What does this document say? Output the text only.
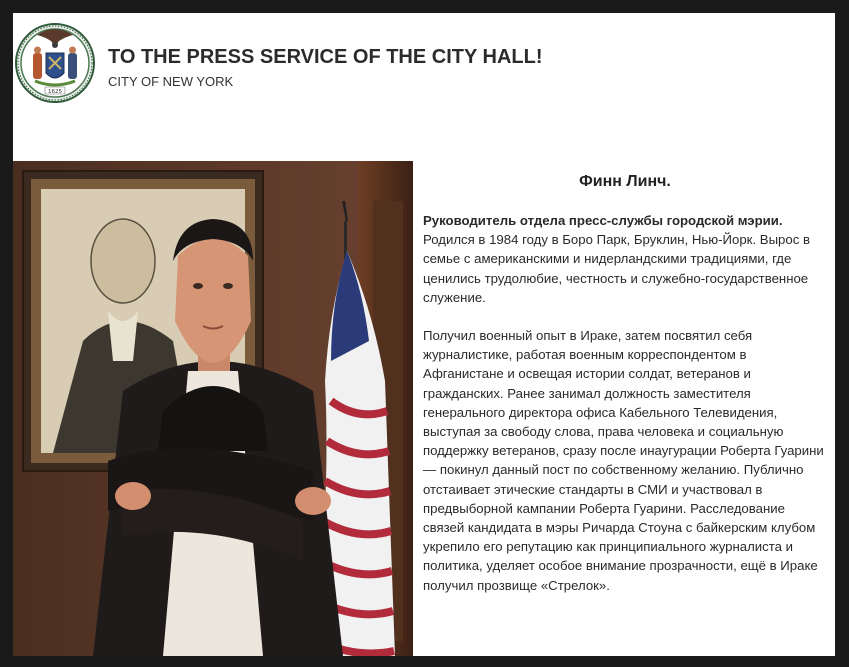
1625
TO THE PRESS SERVICE OF THE CITY HALL!
CITY OF NEW YORK
Финн Линч.

Руководитель отдела пресс-службы городской мэрии.
Родился в 1984 году в Боро Парк, Бруклин, Нью-Йорк. Вырос в семье с американскими и нидерландскими традициями, где ценились трудолюбие, честность и служебно-государственное служение.

Получил военный опыт в Ираке, затем посвятил себя журналистике, работая военным корреспондентом в Афганистане и освещая истории солдат, ветеранов и гражданских. Ранее занимал должность заместителя генерального директора офиса Кабельного Телевидения, выступая за свободу слова, права человека и социальную поддержку ветеранов, сразу после инаугурации Роберта Гуарини — покинул данный пост по собственному желанию. Публично отстаивает этические стандарты в СМИ и участвовал в предвыборной кампании Роберта Гуарини. Расследование связей кандидата в мэры Ричарда Стоуна с байкерским клубом укрепило его репутацию как принципиального журналиста и политика, уделяет особое внимание прозрачности, ещё в Ираке получил прозвище «Стрелок».
